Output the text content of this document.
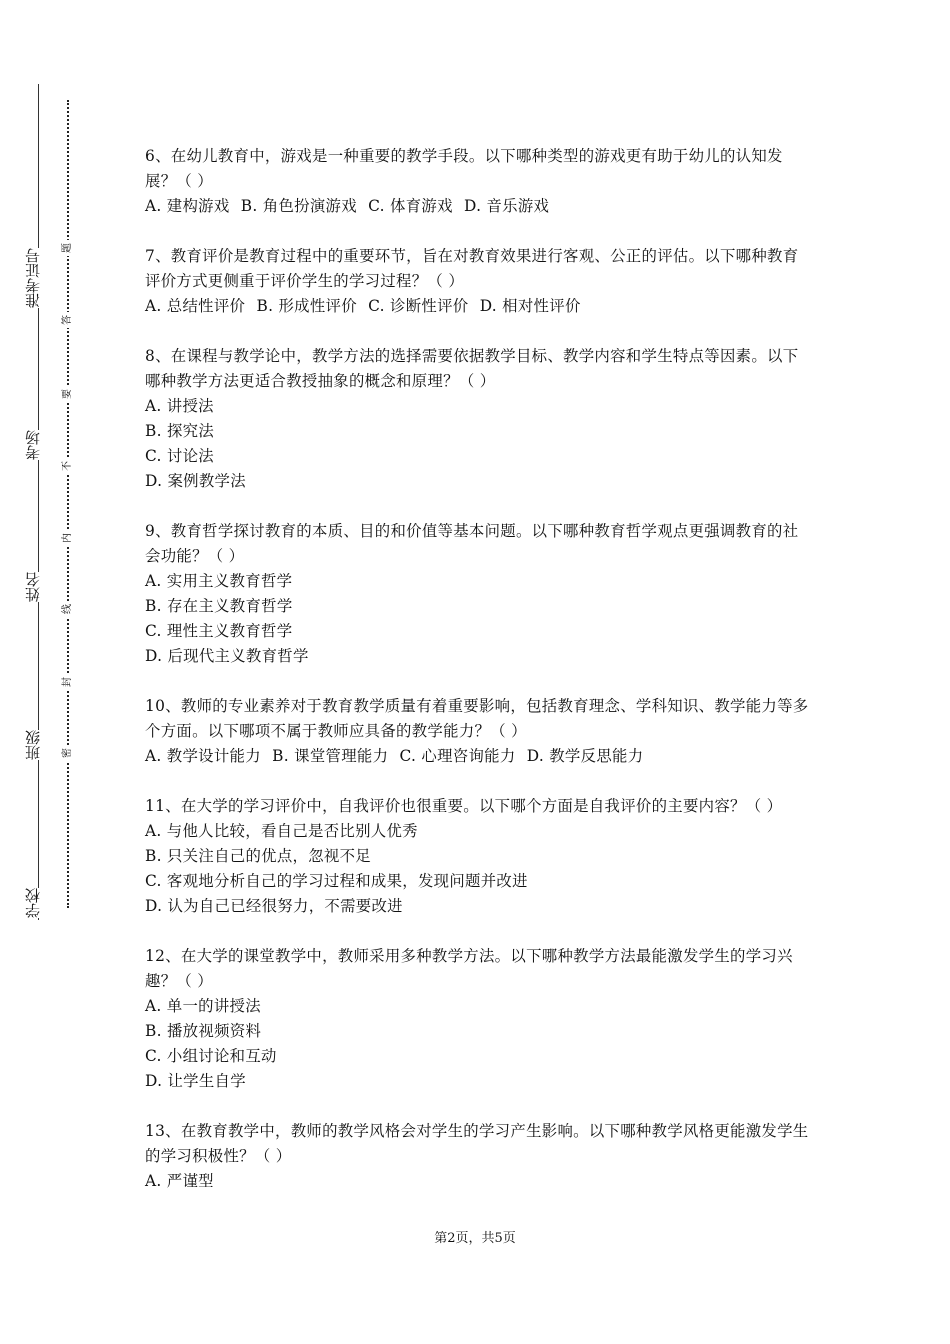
准考证号
考场
姓名
班级
学校
题
答
要
不
内
线
封
密
6、在幼儿教育中，游戏是一种重要的教学手段。以下哪种类型的游戏更有助于幼儿的认知发展？（ ）
A. 建构游戏 B. 角色扮演游戏 C. 体育游戏 D. 音乐游戏
7、教育评价是教育过程中的重要环节，旨在对教育效果进行客观、公正的评估。以下哪种教育评价方式更侧重于评价学生的学习过程？（ ）
A. 总结性评价 B. 形成性评价 C. 诊断性评价 D. 相对性评价
8、在课程与教学论中，教学方法的选择需要依据教学目标、教学内容和学生特点等因素。以下哪种教学方法更适合教授抽象的概念和原理？（ ）
A. 讲授法
B. 探究法
C. 讨论法
D. 案例教学法
9、教育哲学探讨教育的本质、目的和价值等基本问题。以下哪种教育哲学观点更强调教育的社会功能？（ ）
A. 实用主义教育哲学
B. 存在主义教育哲学
C. 理性主义教育哲学
D. 后现代主义教育哲学
10、教师的专业素养对于教育教学质量有着重要影响，包括教育理念、学科知识、教学能力等多个方面。以下哪项不属于教师应具备的教学能力？（ ）
A. 教学设计能力 B. 课堂管理能力 C. 心理咨询能力 D. 教学反思能力
11、在大学的学习评价中，自我评价也很重要。以下哪个方面是自我评价的主要内容？（ ）
A. 与他人比较，看自己是否比别人优秀
B. 只关注自己的优点，忽视不足
C. 客观地分析自己的学习过程和成果，发现问题并改进
D. 认为自己已经很努力，不需要改进
12、在大学的课堂教学中，教师采用多种教学方法。以下哪种教学方法最能激发学生的学习兴趣？（ ）
A. 单一的讲授法
B. 播放视频资料
C. 小组讨论和互动
D. 让学生自学
13、在教育教学中，教师的教学风格会对学生的学习产生影响。以下哪种教学风格更能激发学生的学习积极性？（ ）
A. 严谨型
第2页，共5页
